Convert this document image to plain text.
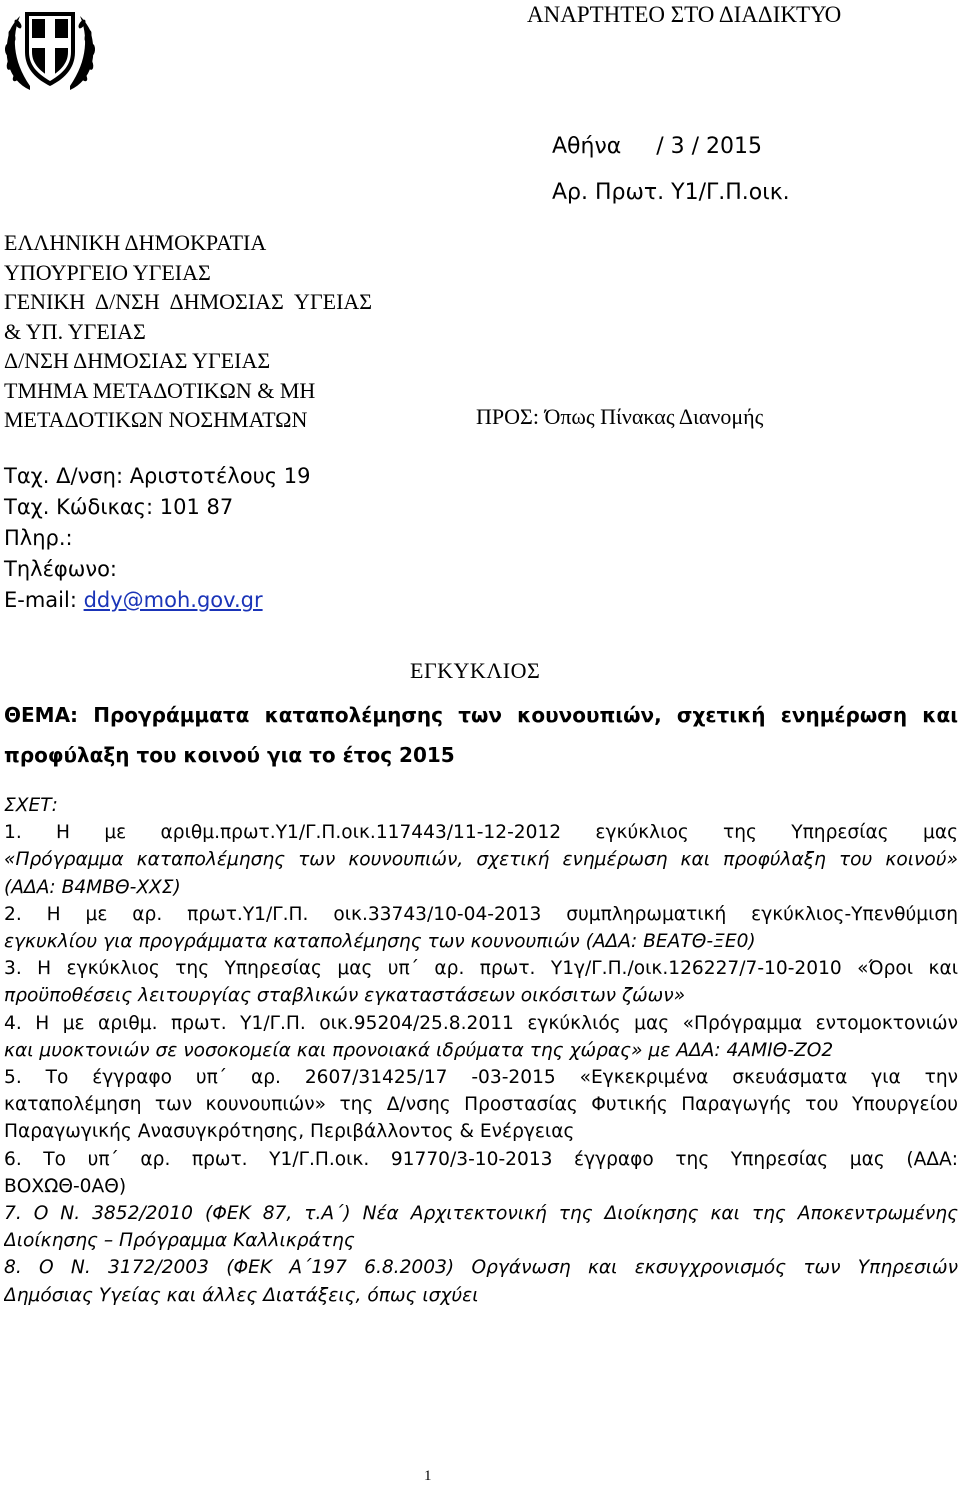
ΑΝΑΡΤΗΤΕΟ ΣΤΟ ΔΙΑΔΙΚΤΥΟ
Αθήνα     / 3 / 2015
Αρ. Πρωτ. Υ1/Γ.Π.οικ.
ΕΛΛΗΝΙΚΗ ΔΗΜΟΚΡΑΤΙΑ
ΥΠΟΥΡΓΕΙΟ ΥΓΕΙΑΣ
ΓΕΝΙΚΗ  Δ/ΝΣΗ  ΔΗΜΟΣΙΑΣ  ΥΓΕΙΑΣ
& ΥΠ. ΥΓΕΙΑΣ
Δ/ΝΣΗ ΔΗΜΟΣΙΑΣ ΥΓΕΙΑΣ
ΤΜΗΜΑ ΜΕΤΑΔΟΤΙΚΩΝ & ΜΗ
ΜΕΤΑΔΟΤΙΚΩΝ ΝΟΣΗΜΑΤΩΝ	ΠΡΟΣ: Όπως Πίνακας Διανομής
Ταχ. Δ/νση: Αριστοτέλους 19
Ταχ. Κώδικας: 101 87
Πληρ.:
Τηλέφωνο:
E-mail: ddy@moh.gov.gr
ΕΓΚΥΚΛΙΟΣ
ΘΕΜΑ: Προγράμματα καταπολέμησης των κουνουπιών, σχετική ενημέρωση και
προφύλαξη του κοινού για το έτος 2015
ΣΧΕΤ:
1. Η με αριθμ.πρωτ.Υ1/Γ.Π.οικ.117443/11-12-2012 εγκύκλιος της Υπηρεσίας μας
«Πρόγραμμα καταπολέμησης των κουνουπιών, σχετική ενημέρωση και προφύλαξη του κοινού»
(ΑΔΑ: Β4ΜΒΘ-ΧΧΣ)
2. Η με αρ. πρωτ.Υ1/Γ.Π. οικ.33743/10-04-2013 συμπληρωματική εγκύκλιος-Υπενθύμιση
εγκυκλίου για προγράμματα καταπολέμησης των κουνουπιών (ΑΔΑ: ΒΕΑΤΘ-ΞΕ0)
3. Η εγκύκλιος της Υπηρεσίας μας υπ΄ αρ. πρωτ. Υ1γ/Γ.Π./οικ.126227/7-10-2010 «Όροι και
προϋποθέσεις λειτουργίας σταβλικών εγκαταστάσεων οικόσιτων ζώων»
4. Η με αριθμ. πρωτ. Υ1/Γ.Π. οικ.95204/25.8.2011 εγκύκλιός μας «Πρόγραμμα εντομοκτονιών
και μυοκτονιών σε νοσοκομεία και προνοιακά ιδρύματα της χώρας» με ΑΔΑ: 4ΑΜΙΘ-ΖΟ2
5. Το έγγραφο υπ΄ αρ. 2607/31425/17 -03-2015 «Εγκεκριμένα σκευάσματα για την
καταπολέμηση των κουνουπιών» της Δ/νσης Προστασίας Φυτικής Παραγωγής του Υπουργείου
Παραγωγικής Ανασυγκρότησης, Περιβάλλοντος & Ενέργειας
6. Το υπ΄ αρ. πρωτ. Υ1/Γ.Π.οικ. 91770/3-10-2013 έγγραφο της Υπηρεσίας μας (ΑΔΑ:
ΒΟΧΩΘ-0ΑΘ)
7. Ο Ν. 3852/2010 (ΦΕΚ 87, τ.Α΄) Νέα Αρχιτεκτονική της Διοίκησης και της Αποκεντρωμένης
Διοίκησης – Πρόγραμμα Καλλικράτης
8. Ο Ν. 3172/2003 (ΦΕΚ Α΄197 6.8.2003) Οργάνωση και εκσυγχρονισμός των Υπηρεσιών
Δημόσιας Υγείας και άλλες Διατάξεις, όπως ισχύει
1
